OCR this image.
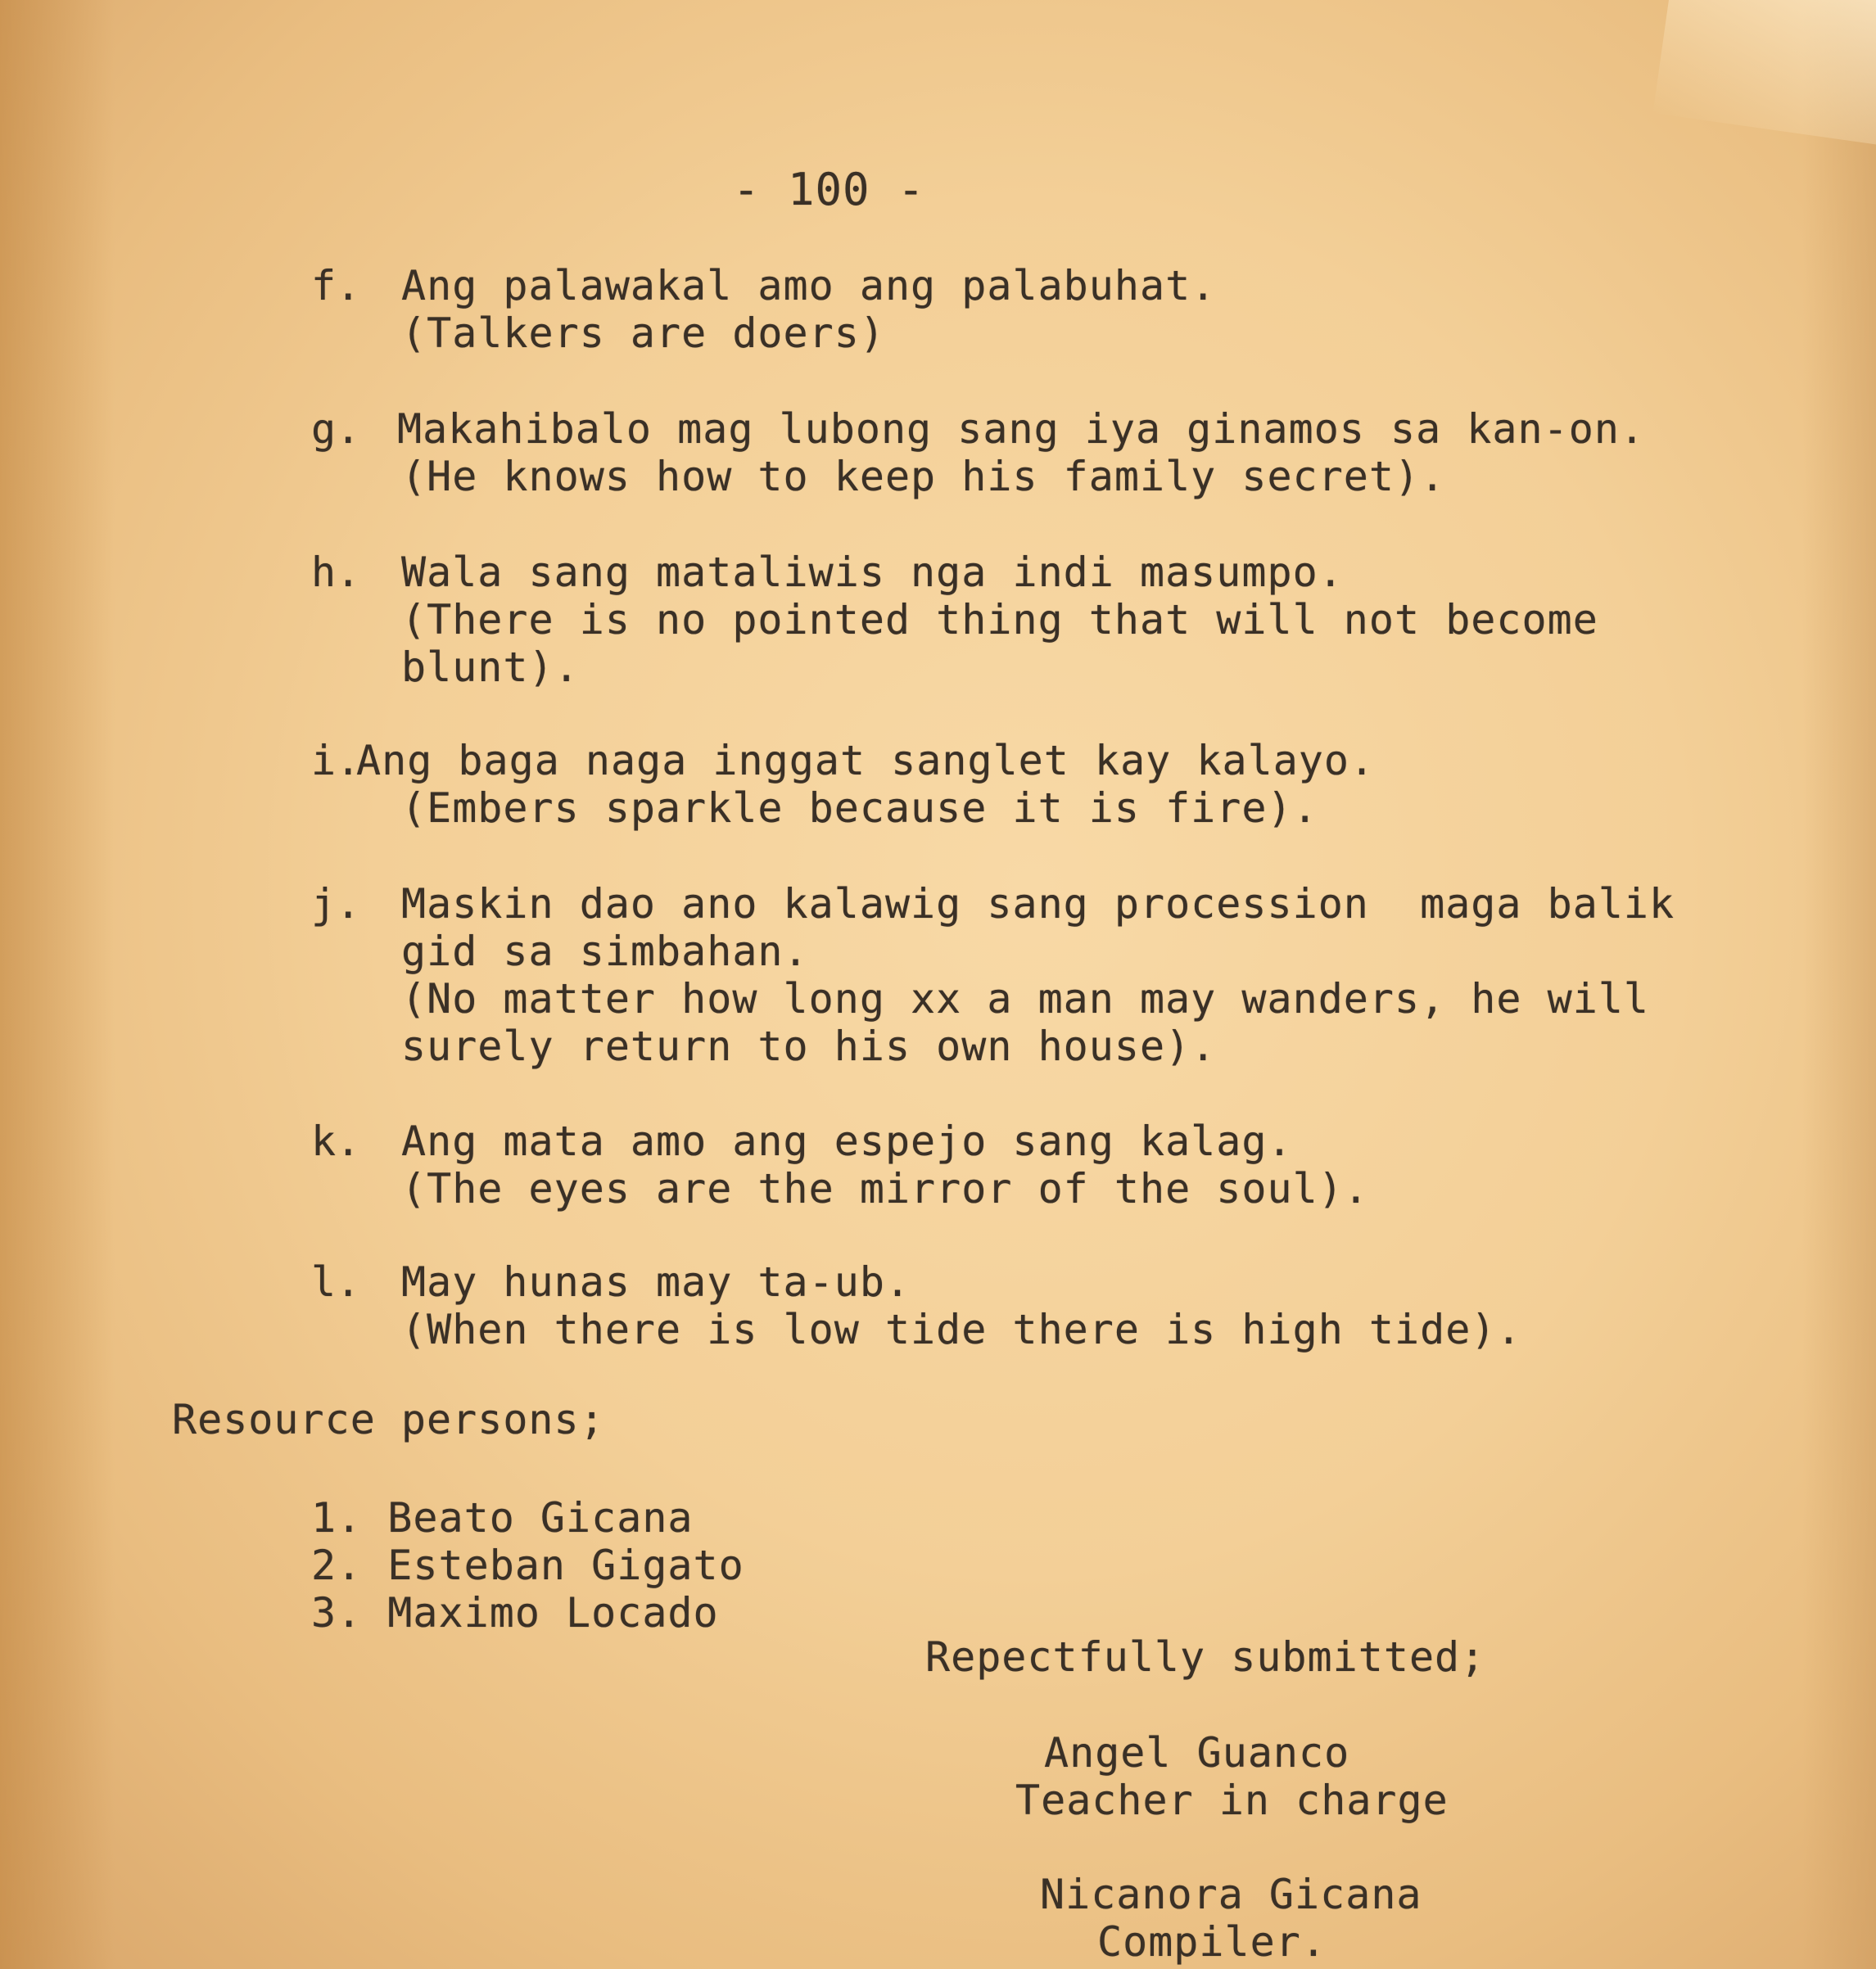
- 100 -
f. Ang palawakal amo ang palabuhat.
(Talkers are doers)
g. Makahibalo mag lubong sang iya ginamos sa kan-on.
(He knows how to keep his family secret).
h. Wala sang mataliwis nga indi masumpo.
(There is no pointed thing that will not become
blunt).
i.
Ang baga naga inggat sanglet kay kalayo.
(Embers sparkle because it is fire).
j. Maskin dao ano kalawig sang procession  maga balik
gid sa simbahan.
(No matter how long xx a man may wanders, he will
surely return to his own house).
k. Ang mata amo ang espejo sang kalag.
(The eyes are the mirror of the soul).
l. May hunas may ta-ub.
(When there is low tide there is high tide).
Resource persons;
1. Beato Gicana
2. Esteban Gigato
3. Maximo Locado
Repectfully submitted;
Angel Guanco
Teacher in charge
Nicanora Gicana
Compiler.
